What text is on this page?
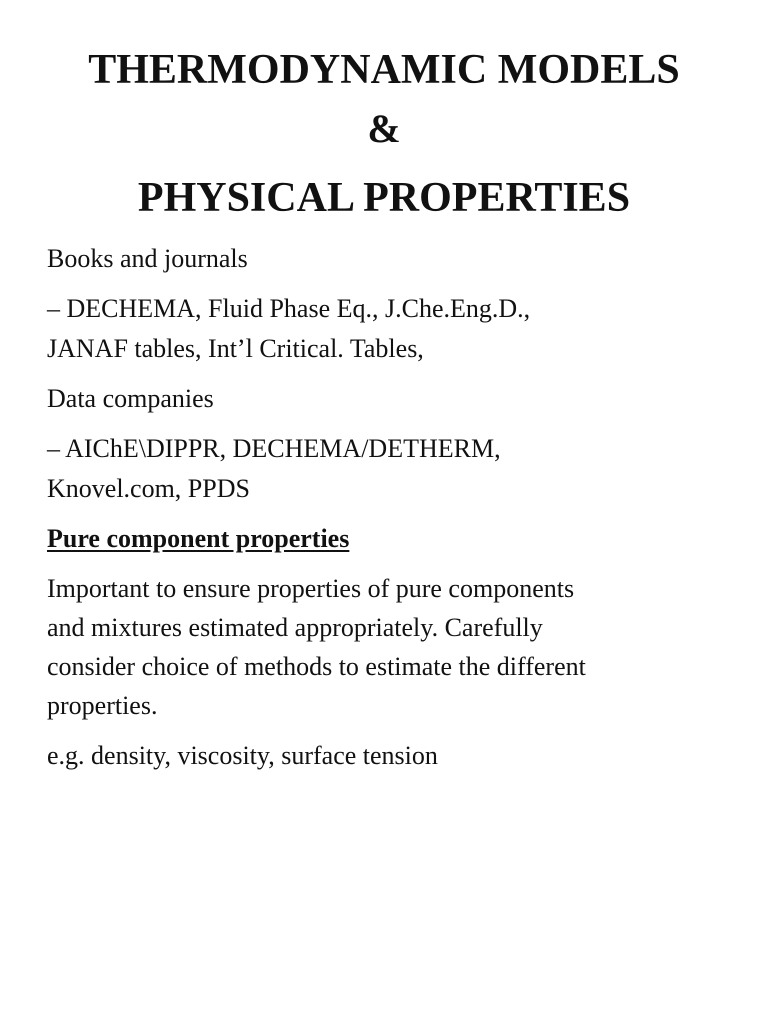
THERMODYNAMIC MODELS
&
PHYSICAL PROPERTIES

Books and journals

– DECHEMA, Fluid Phase Eq., J.Che.Eng.D.,

JANAF tables, Int’l Critical. Tables,

Data companies

– AIChE\DIPPR, DECHEMA/DETHERM,

Knovel.com, PPDS

Pure component properties

Important to ensure properties of pure components

and mixtures estimated appropriately. Carefully

consider choice of methods to estimate the different

properties.

e.g. density, viscosity, surface tension
